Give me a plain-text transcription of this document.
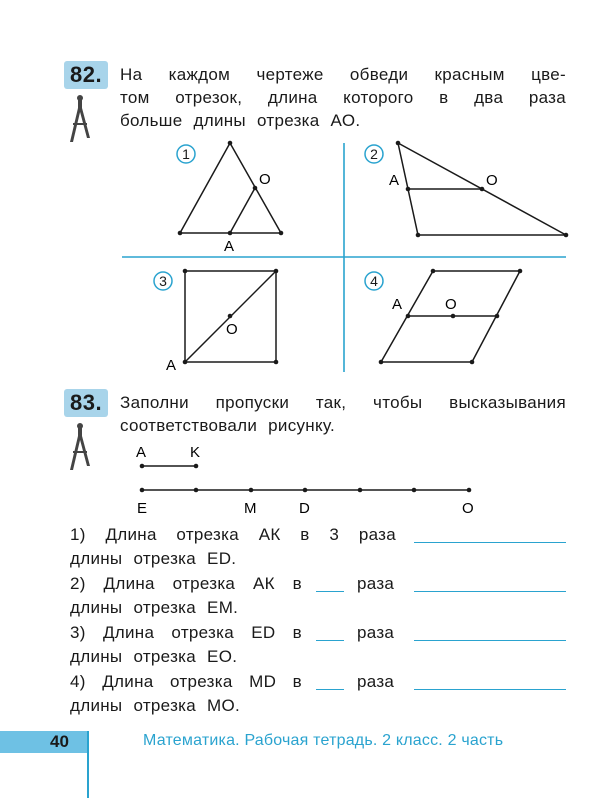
82.	На каждом чертеже обведи красным цве-
том отрезок, длина которого в два раза
больше длины отрезка АО.
1
O
A
2
A	O
3
O
A
4
A	O
83.	Заполни пропуски так, чтобы высказывания
соответствовали рисунку.
A	K
E	M	D	O
1) Длина отрезка АК в 3 раза
длины отрезка ED.
2) Длина отрезка АК в	раза
длины отрезка EM.
3) Длина отрезка ED в	раза
длины отрезка EO.
4) Длина отрезка MD в	раза
длины отрезка MO.
40	Математика. Рабочая тетрадь. 2 класс. 2 часть
